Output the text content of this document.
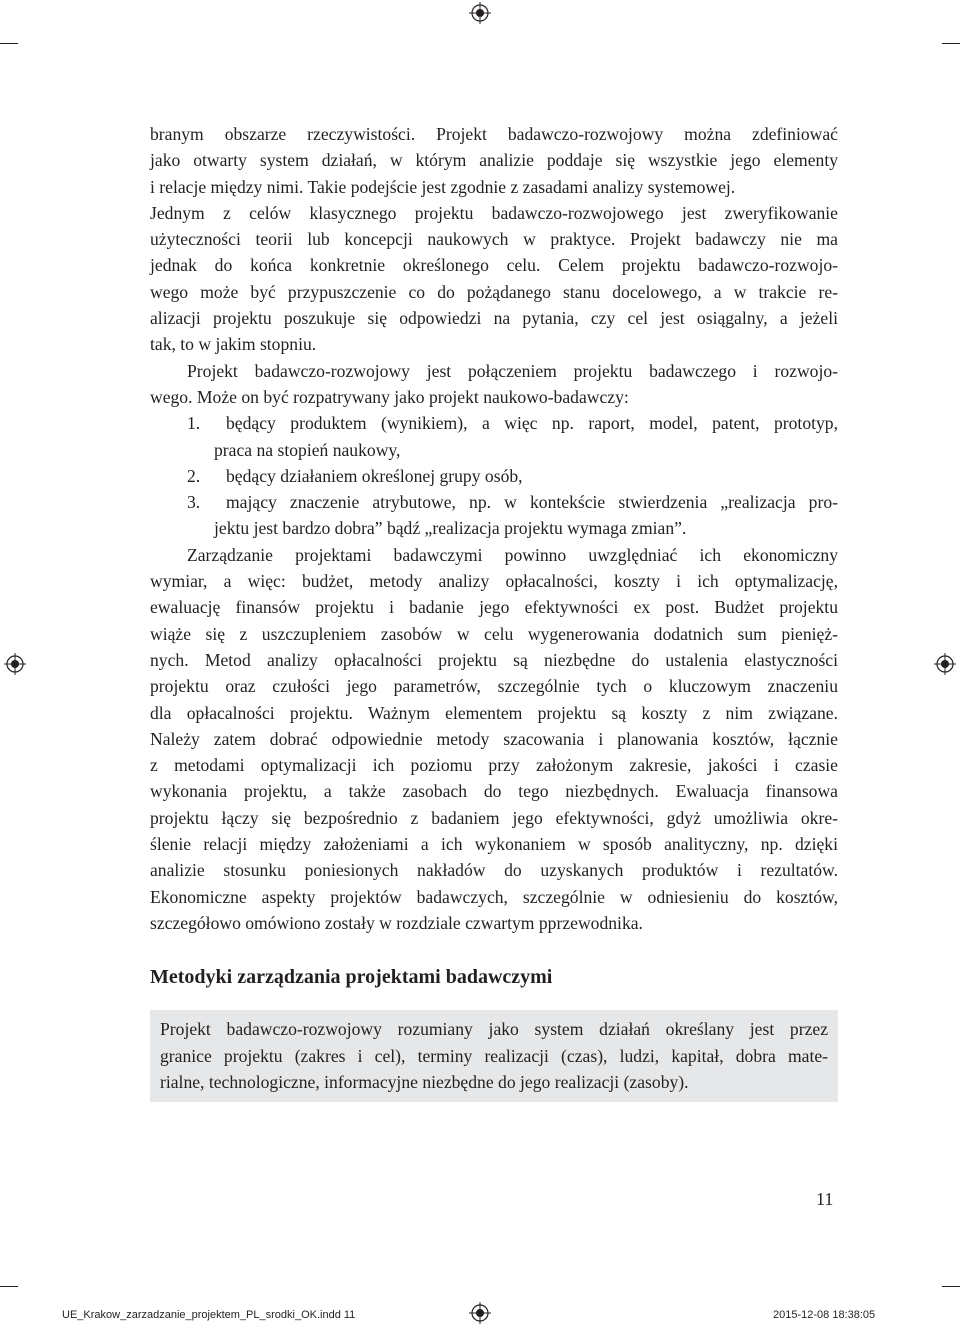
branym obszarze rzeczywistości. Projekt badawczo-rozwojowy można zdefiniować
jako otwarty system działań, w którym analizie poddaje się wszystkie jego elementy
i relacje między nimi. Takie podejście jest zgodnie z zasadami analizy systemowej.
Jednym z celów klasycznego projektu badawczo-rozwojowego jest zweryfikowanie
użyteczności teorii lub koncepcji naukowych w praktyce. Projekt badawczy nie ma
jednak do końca konkretnie określonego celu. Celem projektu badawczo-rozwojo-
wego może być przypuszczenie co do pożądanego stanu docelowego, a w trakcie re-
alizacji projektu poszukuje się odpowiedzi na pytania, czy cel jest osiągalny, a jeżeli
tak, to w jakim stopniu.
Projekt badawczo-rozwojowy jest połączeniem projektu badawczego i rozwojo-
wego. Może on być rozpatrywany jako projekt naukowo-badawczy:
1.	będący produktem (wynikiem), a więc np. raport, model, patent, prototyp,
praca na stopień naukowy,
2.	będący działaniem określonej grupy osób,
3.	mający znaczenie atrybutowe, np. w kontekście stwierdzenia „realizacja pro-
jektu jest bardzo dobra” bądź „realizacja projektu wymaga zmian”.
Zarządzanie projektami badawczymi powinno uwzględniać ich ekonomiczny
wymiar, a więc: budżet, metody analizy opłacalności, koszty i ich optymalizację,
ewaluację finansów projektu i badanie jego efektywności ex post. Budżet projektu
wiąże się z uszczupleniem zasobów w celu wygenerowania dodatnich sum pienięż-
nych. Metod analizy opłacalności projektu są niezbędne do ustalenia elastyczności
projektu oraz czułości jego parametrów, szczególnie tych o kluczowym znaczeniu
dla opłacalności projektu. Ważnym elementem projektu są koszty z nim związane.
Należy zatem dobrać odpowiednie metody szacowania i planowania kosztów, łącznie
z metodami optymalizacji ich poziomu przy założonym zakresie, jakości i czasie
wykonania projektu, a także zasobach do tego niezbędnych. Ewaluacja finansowa
projektu łączy się bezpośrednio z badaniem jego efektywności, gdyż umożliwia okre-
ślenie relacji między założeniami a ich wykonaniem w sposób analityczny, np. dzięki
analizie stosunku poniesionych nakładów do uzyskanych produktów i rezultatów.
Ekonomiczne aspekty projektów badawczych, szczególnie w odniesieniu do kosztów,
szczegółowo omówiono zostały w rozdziale czwartym pprzewodnika.
Metodyki zarządzania projektami badawczymi
Projekt badawczo-rozwojowy rozumiany jako system działań określany jest przez
granice projektu (zakres i cel), terminy realizacji (czas), ludzi, kapitał, dobra mate-
rialne, technologiczne, informacyjne niezbędne do jego realizacji (zasoby).
11
UE_Krakow_zarzadzanie_projektem_PL_srodki_OK.indd 11	2015-12-08 18:38:05
